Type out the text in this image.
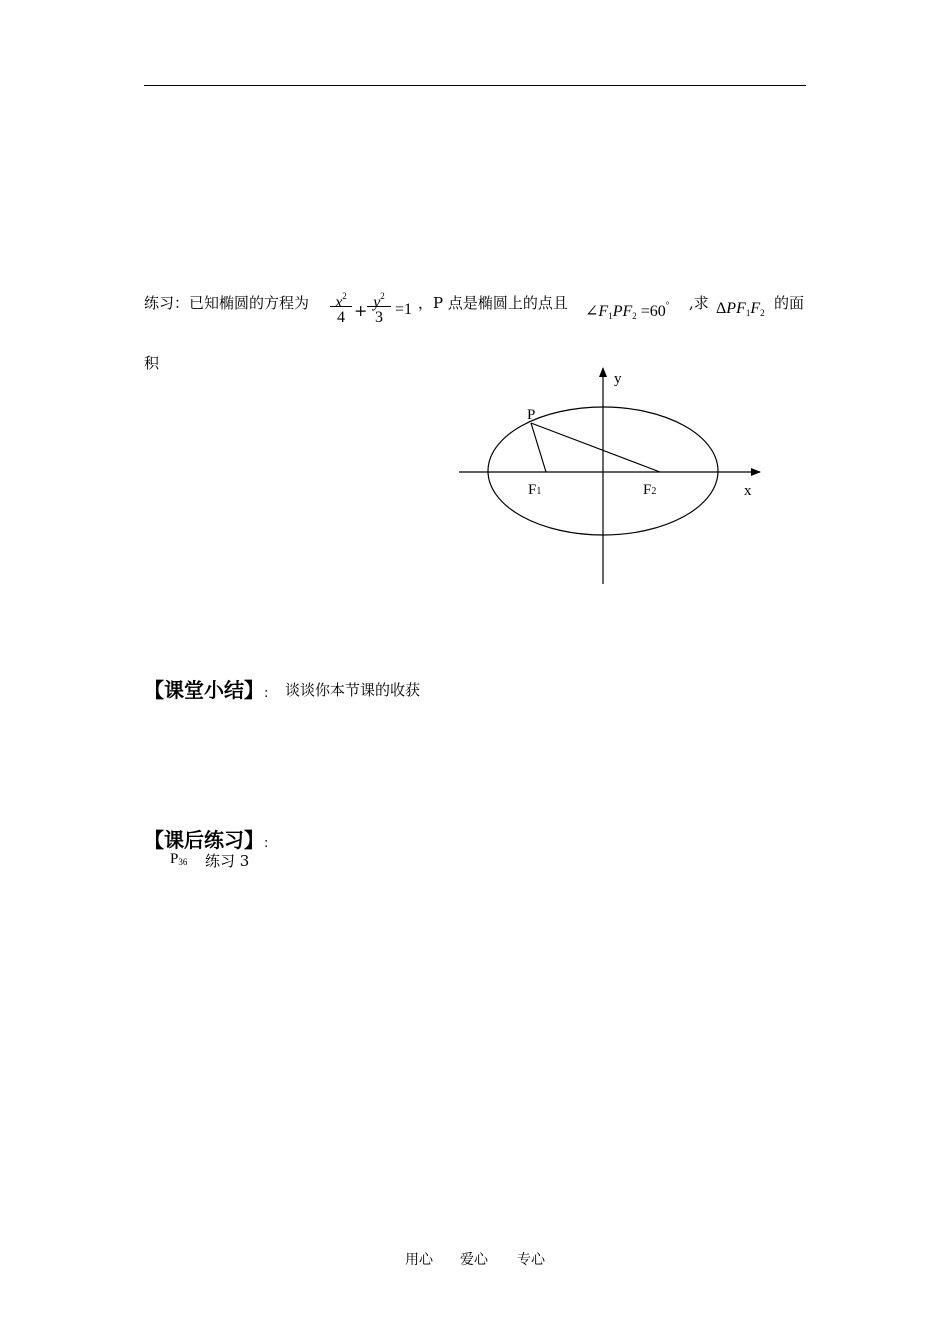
练习：已知椭圆的方程为	$x^2$
$4 + y^2$
3 =1 ，P 点是椭圆上的点且 $\angle F_1PF_2 =60^\circ$ ,求 $\Delta PF_1F_2$
的面
积
y
x
P
F1	F2
【课堂小结】: 谈谈你本节课的收获
【课后练习】:
$P_{36}$ 练习 3
用心 爱心 专心
